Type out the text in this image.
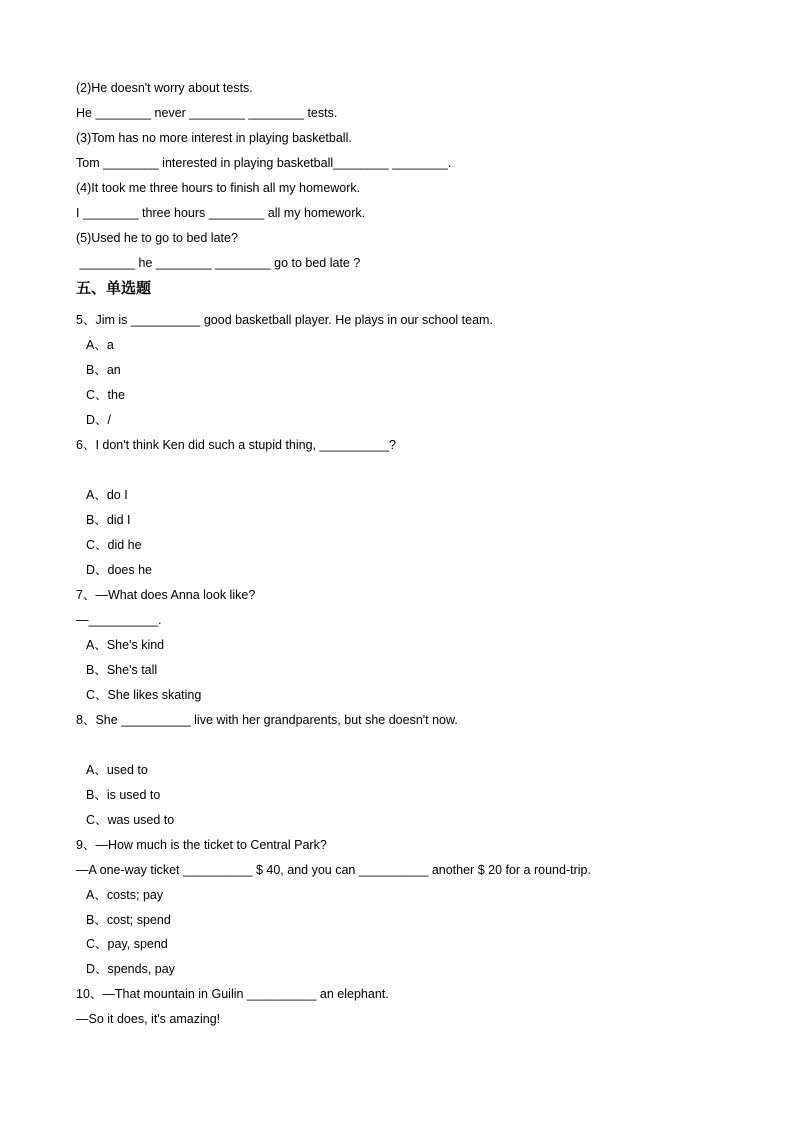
(2)He doesn't worry about tests.
He ________ never ________ ________ tests.
(3)Tom has no more interest in playing basketball.
Tom ________ interested in playing basketball________ ________.
(4)It took me three hours to finish all my homework.
I ________ three hours ________ all my homework.
(5)Used he to go to bed late?
________ he ________ ________ go to bed late ?
五、单选题
5、Jim is __________ good basketball player. He plays in our school team.
A、a
B、an
C、the
D、/
6、I don't think Ken did such a stupid thing, __________?
A、do I
B、did I
C、did he
D、does he
7、—What does Anna look like?
—__________.
A、She's kind
B、She's tall
C、She likes skating
8、She __________ live with her grandparents, but she doesn't now.
A、used to
B、is used to
C、was used to
9、—How much is the ticket to Central Park?
—A one-way ticket __________ $ 40, and you can __________ another $ 20 for a round-trip.
A、costs; pay
B、cost; spend
C、pay, spend
D、spends, pay
10、—That mountain in Guilin __________ an elephant.
—So it does, it's amazing!
